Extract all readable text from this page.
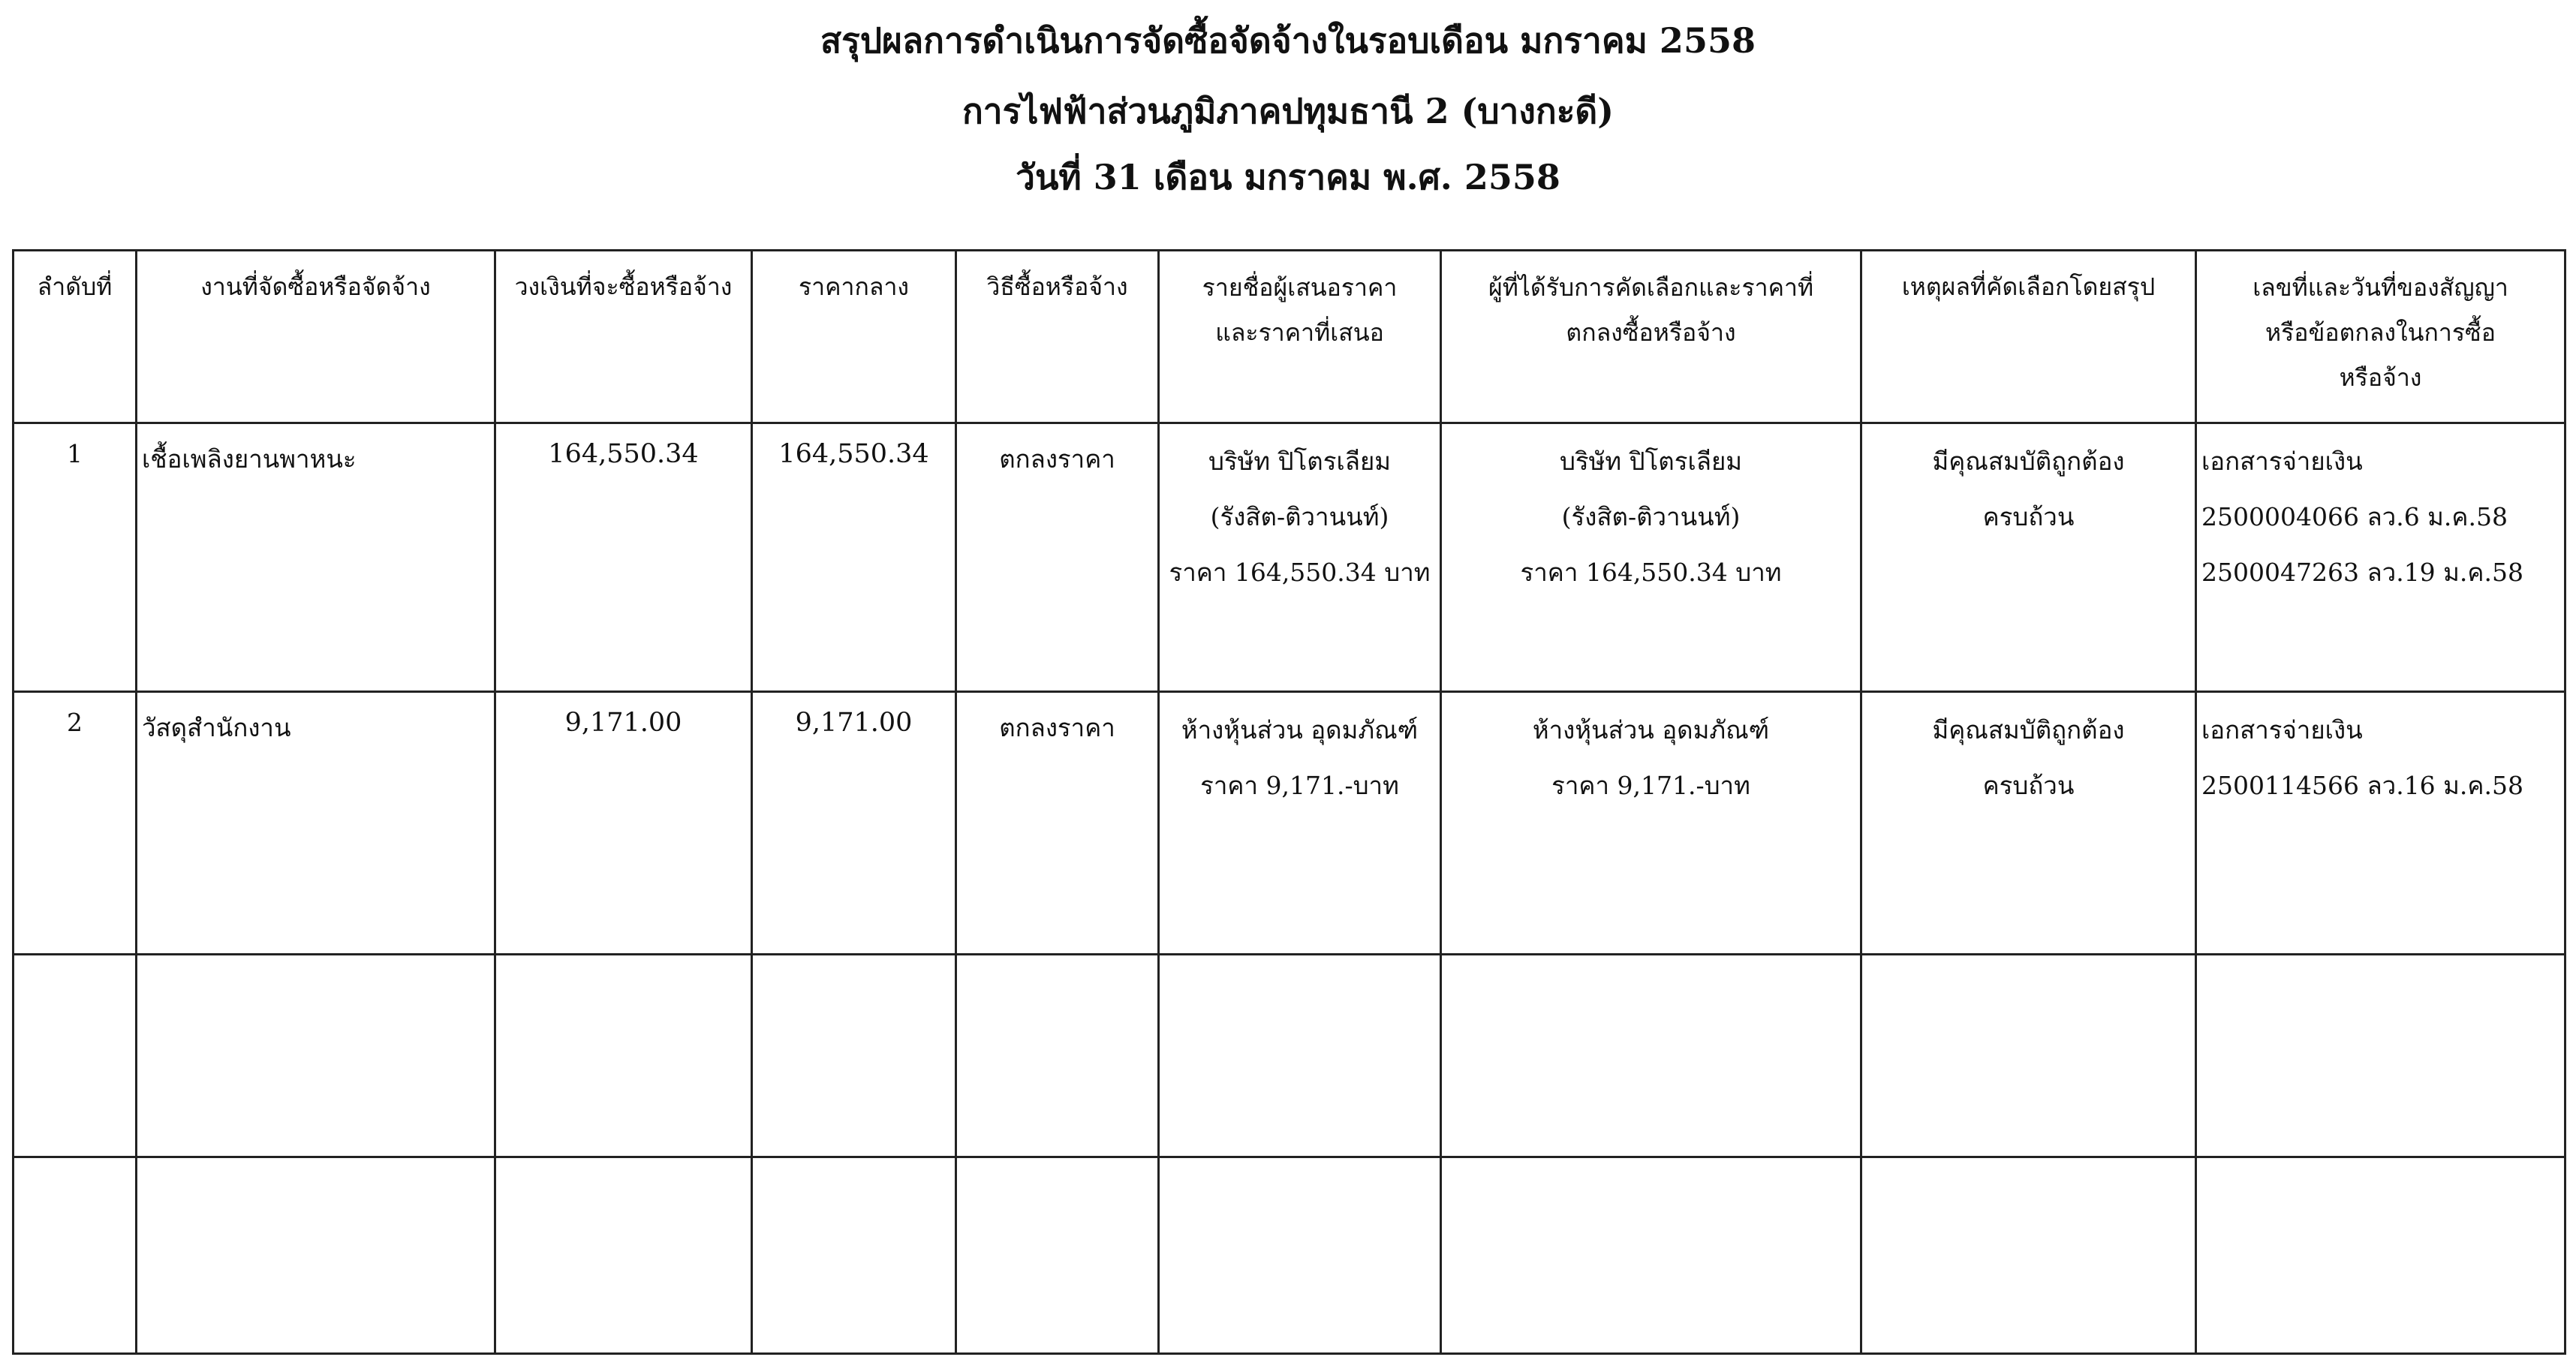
สรุปผลการดำเนินการจัดซื้อจัดจ้างในรอบเดือน มกราคม 2558
การไฟฟ้าส่วนภูมิภาคปทุมธานี 2 (บางกะดี)
วันที่ 31 เดือน มกราคม พ.ศ. 2558
ลำดับที่	งานที่จัดซื้อหรือจัดจ้าง	วงเงินที่จะซื้อหรือจ้าง	ราคากลาง	วิธีซื้อหรือจ้าง	รายชื่อผู้เสนอราคา
และราคาที่เสนอ	ผู้ที่ได้รับการคัดเลือกและราคาที่
ตกลงซื้อหรือจ้าง	เหตุผลที่คัดเลือกโดยสรุป	เลขที่และวันที่ของสัญญา
หรือข้อตกลงในการซื้อ
หรือจ้าง

1	เชื้อเพลิงยานพาหนะ	164,550.34	164,550.34	ตกลงราคา	บริษัท ปิโตรเลียม
(รังสิต-ติวานนท์)
ราคา 164,550.34 บาท	บริษัท ปิโตรเลียม
(รังสิต-ติวานนท์)
ราคา 164,550.34 บาท	มีคุณสมบัติถูกต้อง
ครบถ้วน	เอกสารจ่ายเงิน
2500004066 ลว.6 ม.ค.58
2500047263 ลว.19 ม.ค.58

2	วัสดุสำนักงาน	9,171.00	9,171.00	ตกลงราคา	ห้างหุ้นส่วน อุดมภัณฑ์
ราคา 9,171.-บาท	ห้างหุ้นส่วน อุดมภัณฑ์
ราคา 9,171.-บาท	มีคุณสมบัติถูกต้อง
ครบถ้วน	เอกสารจ่ายเงิน
2500114566 ลว.16 ม.ค.58
